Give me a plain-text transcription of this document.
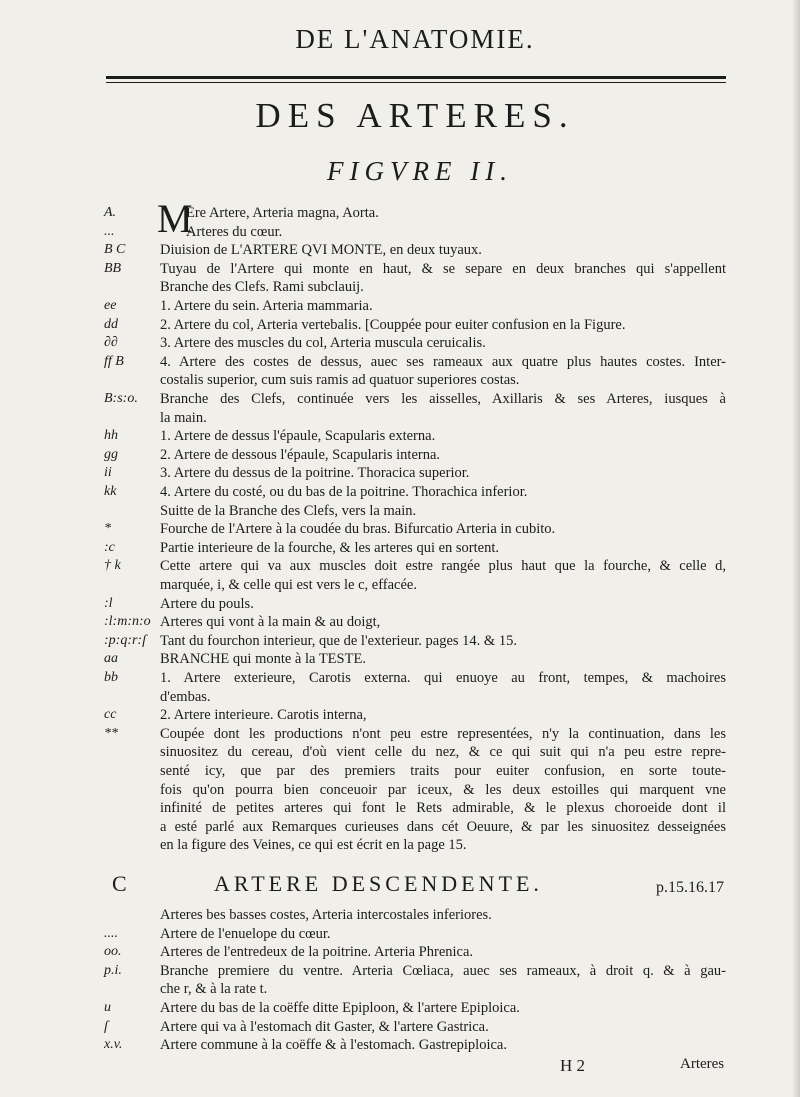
DE L'ANATOMIE.
DES ARTERES.
FIGVRE II.
M
A.	Ere Artere, Arteria magna, Aorta.
...	Arteres du cœur.
B C	Diuision de L'ARTERE QVI MONTE, en deux tuyaux.
BB	Tuyau de l'Artere qui monte en haut, & se separe en deux branches qui s'appellent
Branche des Clefs. Rami subclauij.
ee	1. Artere du sein. Arteria mammaria.
dd	2. Artere du col, Arteria vertebalis. [Couppée pour euiter confusion en la Figure.
∂∂	3. Artere des muscles du col, Arteria musculа ceruicalis.
ff B	4. Artere des costes de dessus, auec ses rameaux aux quatre plus hautes costes. Inter-
costalis superior, cum suis ramis ad quatuor superiores costas.
B:s:o.	Branche des Clefs, continuée vers les aisselles, Axillaris & ses Arteres, iusques à
la main.
hh	1. Artere de dessus l'épaule, Scapularis externa.
gg	2. Artere de dessous l'épaule, Scapularis interna.
ii	3. Artere du dessus de la poitrine. Thoracica superior.
kk	4. Artere du costé, ou du bas de la poitrine. Thorachica inferior.
Suitte de la Branche des Clefs, vers la main.
*	Fourche de l'Artere à la coudée du bras. Bifurcatio Arteria in cubito.
:c	Partie interieure de la fourche, & les arteres qui en sortent.
† k	Cette artere qui va aux muscles doit estre rangée plus haut que la fourche, & celle d,
marquée, i, & celle qui est vers le c, effacée.
:l	Artere du pouls.
:l:m:n:o Arteres qui vont à la main & au doigt,
:p:q:r:ſ Tant du fourchon interieur, que de l'exterieur. pages 14. & 15.
aa	BRANCHE qui monte à la TESTE.
bb	1. Artere exterieure, Carotis externa. qui enuoye au front, tempes, & machoires
d'embas.
cc	2. Artere interieure. Carotis interna,
**	Coupée dont les productions n'ont peu estre representées, n'y la continuation, dans les
sinuositez du cereau, d'où vient celle du nez, & ce qui suit qui n'a peu estre repre-
senté icy, que par des premiers traits pour euiter confusion, en sorte toute-
fois qu'on pourra bien conceuoir par iceux, & les deux estoilles qui marquent vne
infinité de petites arteres qui font le Rets admirable, & le plexus choroeide dont il
a esté parlé aux Remarques curieuses dans cét Oeuure, & par les sinuositez desseignées
en la figure des Veines, ce qui est écrit en la page 15.
C	ARTERE DESCENDENTE.	p.15.16.17
Arteres bes basses costes, Arteria intercostales inferiores.
....	Artere de l'enuelope du cœur.
oo.	Arteres de l'entredeux de la poitrine. Arteria Phrenica.
p.i.	Branche premiere du ventre. Arteria Cœliaca, auec ses rameaux, à droit q. & à gau-
che r, & à la rate t.
u	Artere du bas de la coëffe ditte Epiploon, & l'artere Epiploica.
ſ	Artere qui va à l'estomach dit Gaster, & l'artere Gastrica.
x.v.	Artere commune à la coëffe & à l'estomach. Gastrepiploica.
H 2	Arteres
